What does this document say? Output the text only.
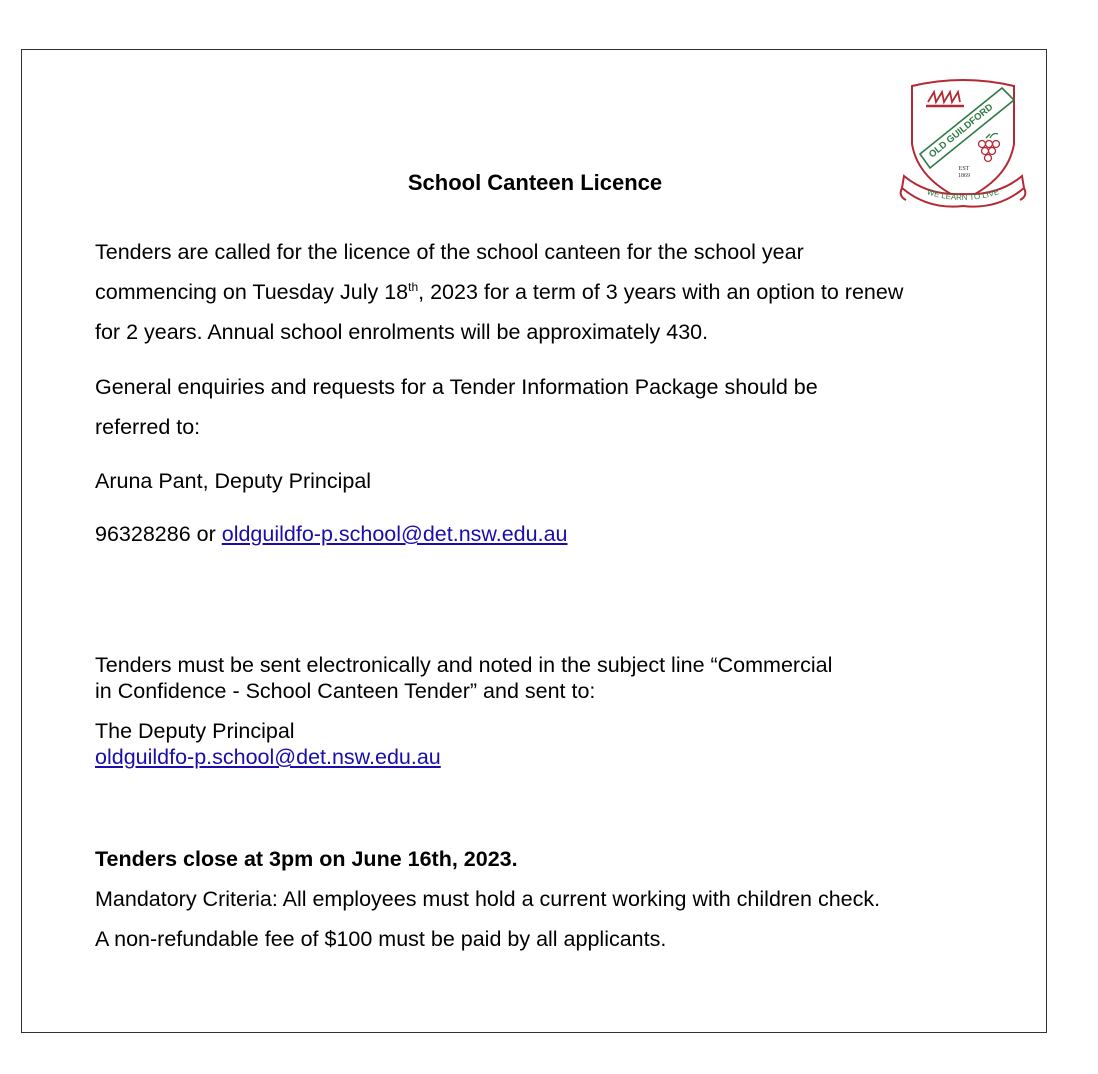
OLD GUILDFORD
EST
1869
WE LEARN TO LIVE
School Canteen Licence
Tenders are called for the licence of the school canteen for the school year
commencing on Tuesday July 18th, 2023 for a term of 3 years with an option to renew
for 2 years. Annual school enrolments will be approximately 430.
General enquiries and requests for a Tender Information Package should be
referred to:
Aruna Pant, Deputy Principal
96328286 or oldguildfo-p.school@det.nsw.edu.au
Tenders must be sent electronically and noted in the subject line “Commercial
in Confidence - School Canteen Tender” and sent to:
The Deputy Principal
oldguildfo-p.school@det.nsw.edu.au
Tenders close at 3pm on June 16th, 2023.
Mandatory Criteria: All employees must hold a current working with children check.
A non-refundable fee of $100 must be paid by all applicants.
